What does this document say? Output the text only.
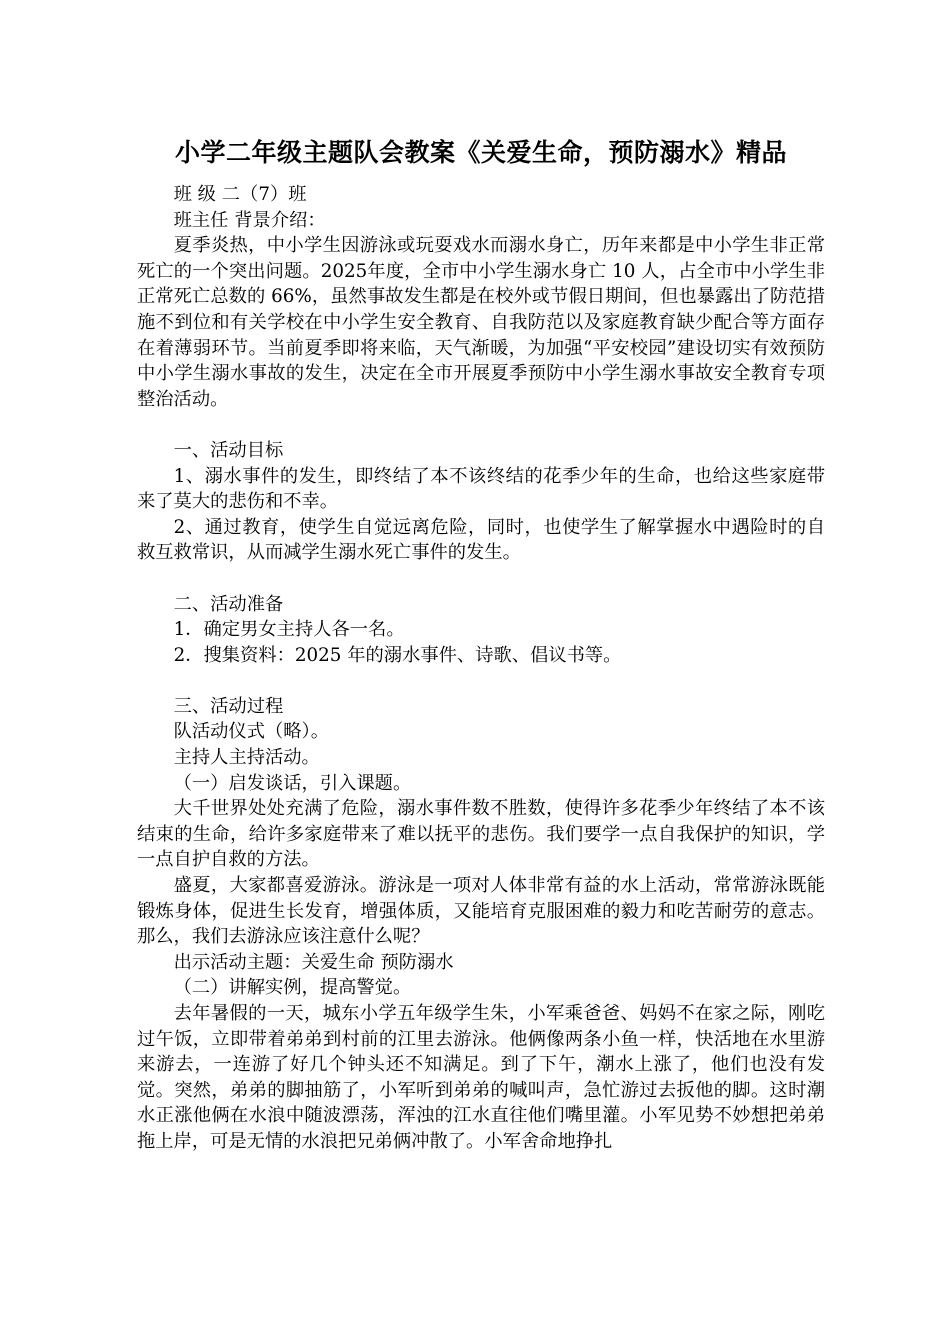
小学二年级主题队会教案《关爱生命，预防溺水》精品

班 级 二（7）班

班主任 背景介绍：

夏季炎热，中小学生因游泳或玩耍戏水而溺水身亡，历年来都是中小学生非正常死亡的一个突出问题。2025年度，全市中小学生溺水身亡 10 人，占全市中小学生非正常死亡总数的 66%，虽然事故发生都是在校外或节假日期间，但也暴露出了防范措施不到位和有关学校在中小学生安全教育、自我防范以及家庭教育缺少配合等方面存在着薄弱环节。当前夏季即将来临，天气渐暖，为加强“平安校园”建设切实有效预防中小学生溺水事故的发生，决定在全市开展夏季预防中小学生溺水事故安全教育专项整治活动。

一、活动目标

1、溺水事件的发生，即终结了本不该终结的花季少年的生命，也给这些家庭带来了莫大的悲伤和不幸。

2、通过教育，使学生自觉远离危险，同时，也使学生了解掌握水中遇险时的自救互救常识，从而减学生溺水死亡事件的发生。

二、活动准备

1．确定男女主持人各一名。

2．搜集资料：2025 年的溺水事件、诗歌、倡议书等。

三、活动过程

队活动仪式（略）。

主持人主持活动。

（一）启发谈话，引入课题。

大千世界处处充满了危险，溺水事件数不胜数，使得许多花季少年终结了本不该结束的生命，给许多家庭带来了难以抚平的悲伤。我们要学一点自我保护的知识，学一点自护自救的方法。

盛夏，大家都喜爱游泳。游泳是一项对人体非常有益的水上活动，常常游泳既能锻炼身体，促进生长发育，增强体质，又能培育克服困难的毅力和吃苦耐劳的意志。那么，我们去游泳应该注意什么呢？

出示活动主题：关爱生命 预防溺水

（二）讲解实例，提高警觉。

去年暑假的一天，城东小学五年级学生朱，小军乘爸爸、妈妈不在家之际，刚吃过午饭，立即带着弟弟到村前的江里去游泳。他俩像两条小鱼一样，快活地在水里游来游去，一连游了好几个钟头还不知满足。到了下午，潮水上涨了，他们也没有发觉。突然，弟弟的脚抽筋了，小军听到弟弟的喊叫声，急忙游过去扳他的脚。这时潮水正涨他俩在水浪中随波漂荡，浑浊的江水直往他们嘴里灌。小军见势不妙想把弟弟拖上岸，可是无情的水浪把兄弟俩冲散了。小军舍命地挣扎
